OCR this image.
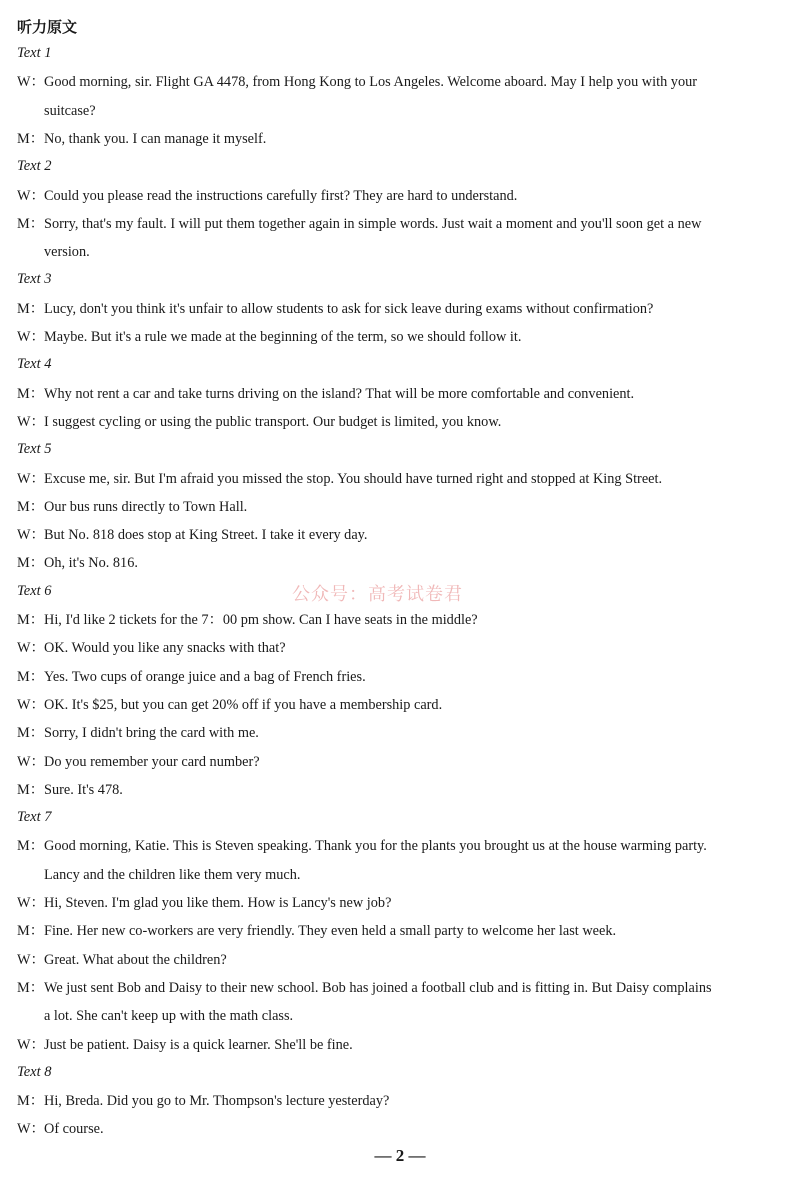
听力原文
公众号：高考试卷君
— 2 —
Text 1
W：Good morning, sir. Flight GA 4478, from Hong Kong to Los Angeles. Welcome aboard. May I help you with your
suitcase?
M：No, thank you. I can manage it myself.
Text 2
W：Could you please read the instructions carefully first? They are hard to understand.
M：Sorry, that's my fault. I will put them together again in simple words. Just wait a moment and you'll soon get a new
version.
Text 3
M：Lucy, don't you think it's unfair to allow students to ask for sick leave during exams without confirmation?
W：Maybe. But it's a rule we made at the beginning of the term, so we should follow it.
Text 4
M：Why not rent a car and take turns driving on the island? That will be more comfortable and convenient.
W：I suggest cycling or using the public transport. Our budget is limited, you know.
Text 5
W：Excuse me, sir. But I'm afraid you missed the stop. You should have turned right and stopped at King Street.
M：Our bus runs directly to Town Hall.
W：But No. 818 does stop at King Street. I take it every day.
M：Oh, it's No. 816.
Text 6
M：Hi, I'd like 2 tickets for the 7：00 pm show. Can I have seats in the middle?
W：OK. Would you like any snacks with that?
M：Yes. Two cups of orange juice and a bag of French fries.
W：OK. It's $25, but you can get 20% off if you have a membership card.
M：Sorry, I didn't bring the card with me.
W：Do you remember your card number?
M：Sure. It's 478.
Text 7
M：Good morning, Katie. This is Steven speaking. Thank you for the plants you brought us at the house warming party.
Lancy and the children like them very much.
W：Hi, Steven. I'm glad you like them. How is Lancy's new job?
M：Fine. Her new co-workers are very friendly. They even held a small party to welcome her last week.
W：Great. What about the children?
M：We just sent Bob and Daisy to their new school. Bob has joined a football club and is fitting in. But Daisy complains
a lot. She can't keep up with the math class.
W：Just be patient. Daisy is a quick learner. She'll be fine.
Text 8
M：Hi, Breda. Did you go to Mr. Thompson's lecture yesterday?
W：Of course.
